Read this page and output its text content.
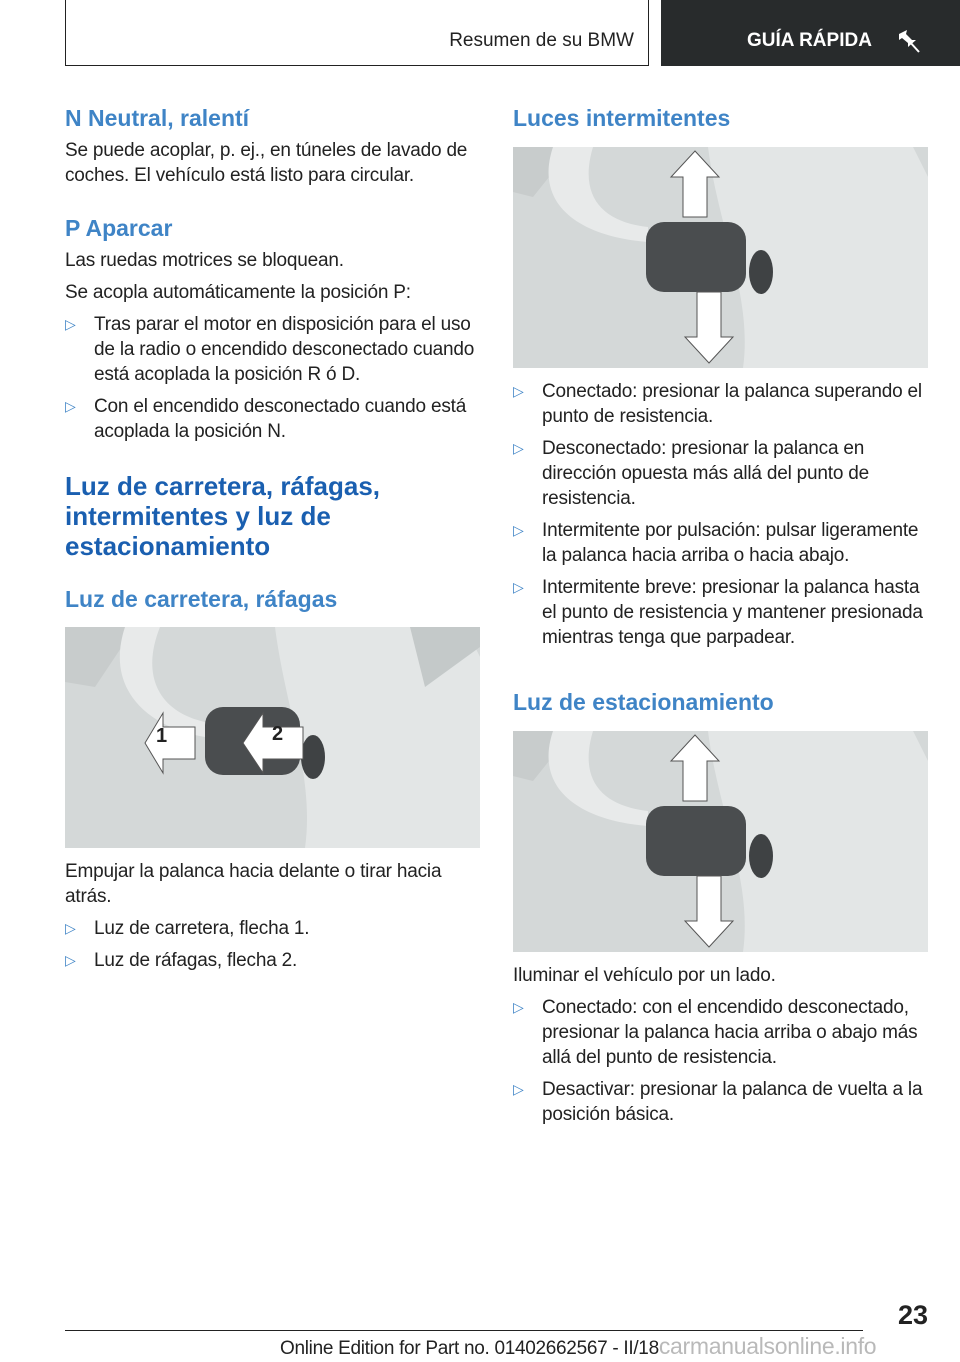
Resumen de su BMW	GUÍA RÁPIDA
N Neutral, ralentí

Se puede acoplar, p. ej., en túneles de lavado de coches. El vehículo está listo para circular.

P Aparcar

Las ruedas motrices se bloquean.

Se acopla automáticamente la posición P:

▷ Tras parar el motor en disposición para el uso de la radio o encendido desconectado cuando está acoplada la posición R ó D.
▷ Con el encendido desconectado cuando está acoplada la posición N.
Luz de carretera, ráfagas, intermitentes y luz de estacionamiento
Luz de carretera, ráfagas
1	2

Empujar la palanca hacia delante o tirar hacia atrás.

▷ Luz de carretera, flecha 1.
▷ Luz de ráfagas, flecha 2.
Luces intermitentes
▷ Conectado: presionar la palanca superando el punto de resistencia.
▷ Desconectado: presionar la palanca en dirección opuesta más allá del punto de resistencia.
▷ Intermitente por pulsación: pulsar ligeramente la palanca hacia arriba o hacia abajo.
▷ Intermitente breve: presionar la palanca hasta el punto de resistencia y mantener presionada mientras tenga que parpadear.
Luz de estacionamiento

Iluminar el vehículo por un lado.

▷ Conectado: con el encendido desconectado, presionar la palanca hacia arriba o abajo más allá del punto de resistencia.
▷ Desactivar: presionar la palanca de vuelta a la posición básica.
23
Online Edition for Part no. 01402662567 - II/18carmanualsonline.info
